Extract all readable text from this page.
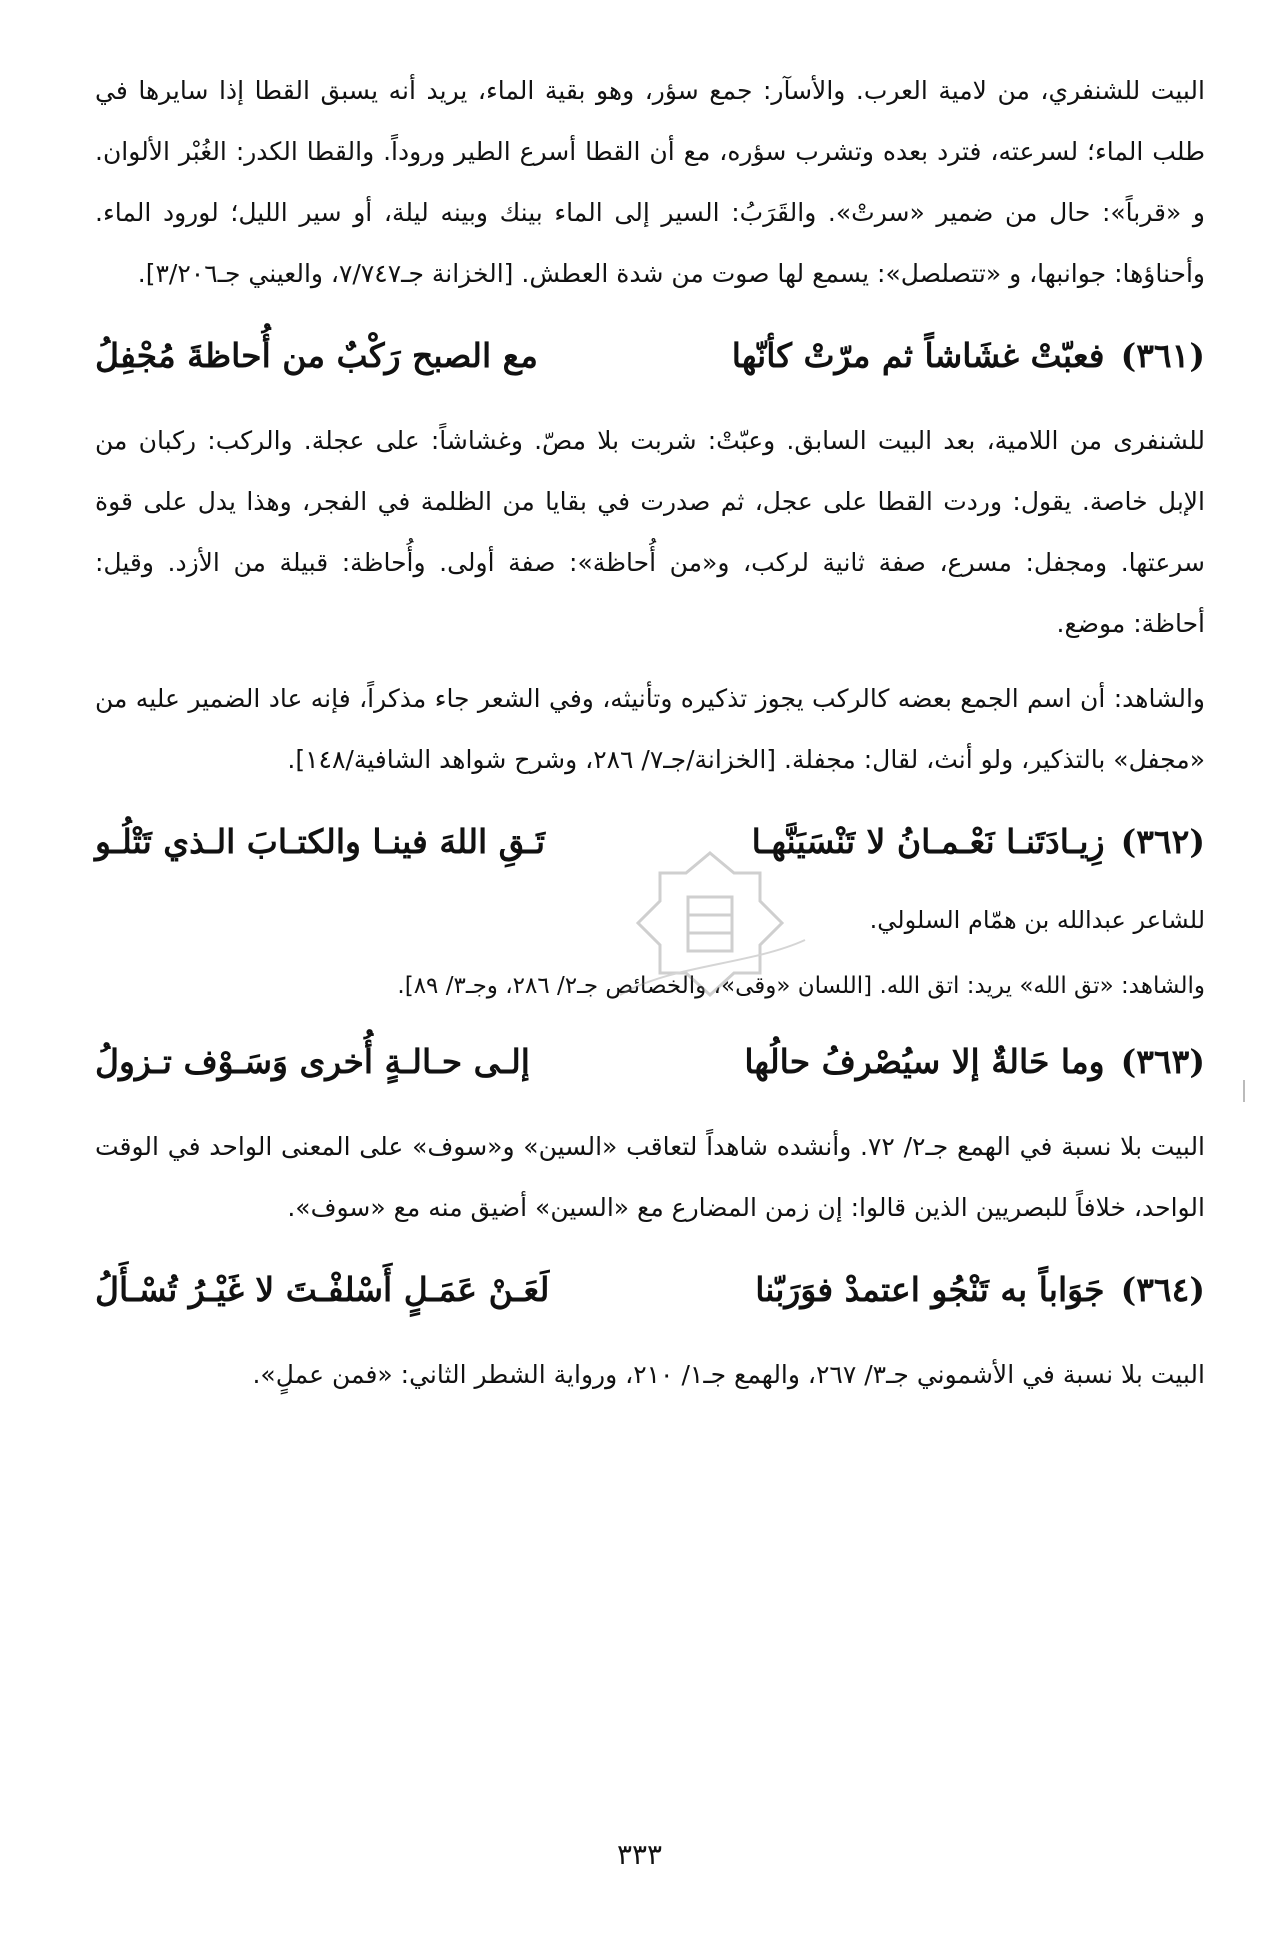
البيت للشنفري، من لامية العرب. والأسآر: جمع سؤر، وهو بقية الماء، يريد أنه يسبق القطا إذا سايرها في طلب الماء؛ لسرعته، فترد بعده وتشرب سؤره، مع أن القطا أسرع الطير وروداً. والقطا الكدر: الغُبْر الألوان. و «قرباً»: حال من ضمير «سرتْ». والقَرَبُ: السير إلى الماء بينك وبينه ليلة، أو سير الليل؛ لورود الماء. وأحناؤها: جوانبها، و «تتصلصل»: يسمع لها صوت من شدة العطش. [الخزانة جـ٧/٧٤٧، والعيني جـ٣/٢٠٦].

(٣٦١)
فعبّتْ غشَاشاً ثم مرّتْ كأنّها
مع الصبح رَكْبٌ من أُحاظةَ مُجْفِلُ

للشنفرى من اللامية، بعد البيت السابق. وعبّتْ: شربت بلا مصّ. وغشاشاً: على عجلة. والركب: ركبان من الإبل خاصة. يقول: وردت القطا على عجل، ثم صدرت في بقايا من الظلمة في الفجر، وهذا يدل على قوة سرعتها. ومجفل: مسرع، صفة ثانية لركب، و«من أُحاظة»: صفة أولى. وأُحاظة: قبيلة من الأزد. وقيل: أحاظة: موضع.

والشاهد: أن اسم الجمع بعضه كالركب يجوز تذكيره وتأنيثه، وفي الشعر جاء مذكراً، فإنه عاد الضمير عليه من «مجفل» بالتذكير، ولو أنث، لقال: مجفلة. [الخزانة/جـ٧/ ٢٨٦، وشرح شواهد الشافية/١٤٨].

(٣٦٢)
زِيـادَتَنـا نَعْـمـانُ لا تَنْسَيَنَّهـا
تَـقِ اللهَ فينـا والكتـابَ الـذي تَتْلُـو

للشاعر عبدالله بن همّام السلولي.

والشاهد: «تق الله» يريد: اتق الله. [اللسان «وقى»، والخصائص جـ٢/ ٢٨٦، وجـ٣/ ٨٩].

(٣٦٣)
وما حَالةٌ إلا سيُصْرفُ حالُها
إلـى حـالـةٍ أُخرى وَسَـوْف تـزولُ

البيت بلا نسبة في الهمع جـ٢/ ٧٢. وأنشده شاهداً لتعاقب «السين» و«سوف» على المعنى الواحد في الوقت الواحد، خلافاً للبصريين الذين قالوا: إن زمن المضارع مع «السين» أضيق منه مع «سوف».

(٣٦٤)
جَوَاباً به تَنْجُو اعتمدْ فوَرَبّنا
لَعَـنْ عَمَـلٍ أَسْلفْـتَ لا غَيْـرُ تُسْـأَلُ

البيت بلا نسبة في الأشموني جـ٣/ ٢٦٧، والهمع جـ١/ ٢١٠، ورواية الشطر الثاني: «فمن عملٍ».

٣٣٣
